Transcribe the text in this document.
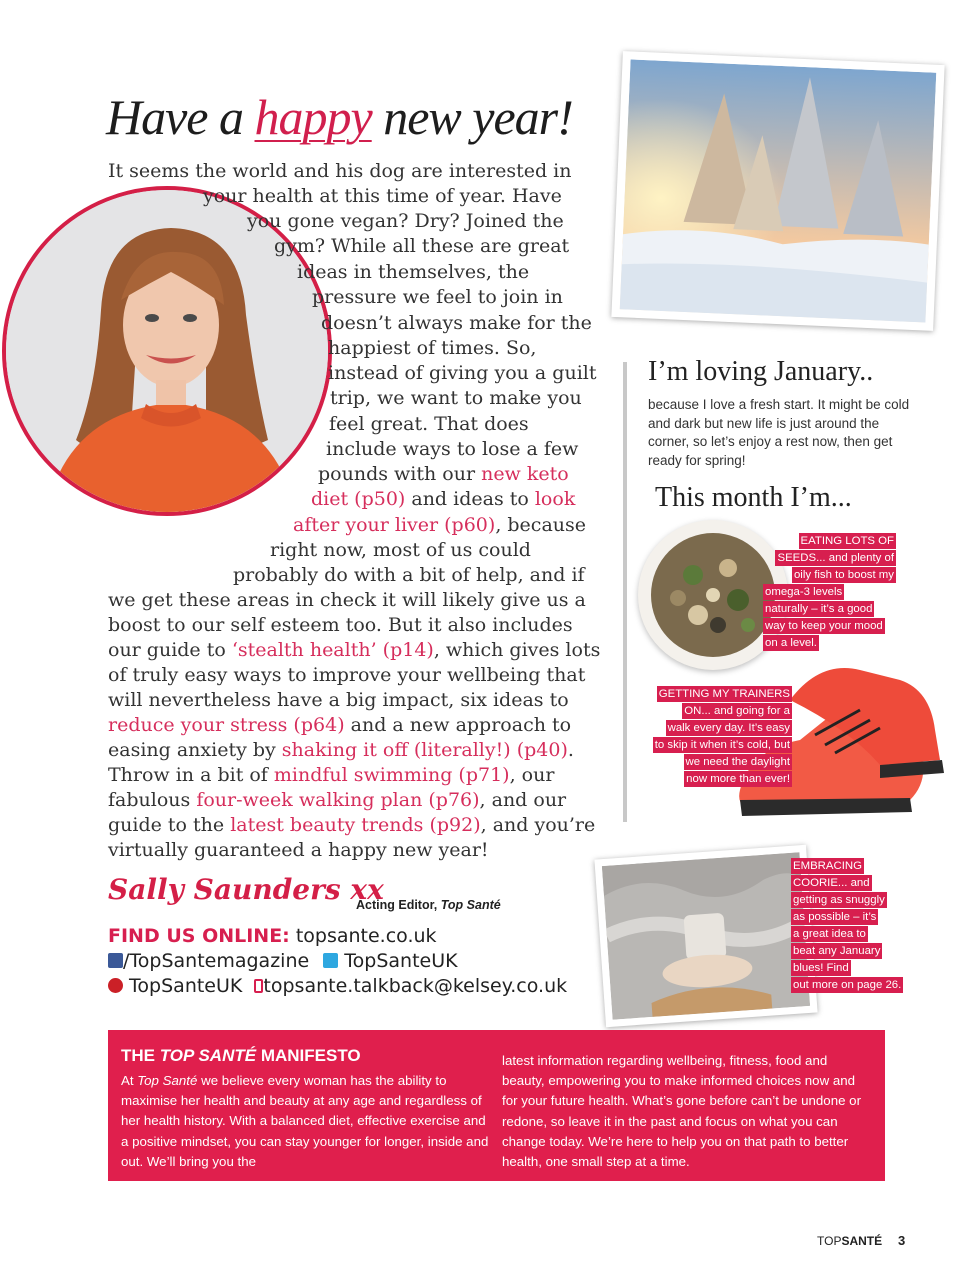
Have a happy new year!
It seems the world and his dog are interested in
your health at this time of year. Have
you gone vegan? Dry? Joined the
gym? While all these are great
ideas in themselves, the
pressure we feel to join in
doesn’t always make for the
happiest of times. So,
instead of giving you a guilt
trip, we want to make you
feel great. That does
include ways to lose a few
pounds with our new keto
diet (p50) and ideas to look
after your liver (p60), because
right now, most of us could
probably do with a bit of help, and if
we get these areas in check it will likely give us a
boost to our self esteem too. But it also includes
our guide to ‘stealth health’ (p14), which gives lots
of truly easy ways to improve your wellbeing that
will nevertheless have a big impact, six ideas to
reduce your stress (p64) and a new approach to
easing anxiety by shaking it off (literally!) (p40).
Throw in a bit of mindful swimming (p71), our
fabulous four-week walking plan (p76), and our
guide to the latest beauty trends (p92), and you’re
virtually guaranteed a happy new year!
Sally Saunders xx
Acting Editor, Top Santé
FIND US ONLINE: topsante.co.uk
/TopSantemagazine TopSanteUK
TopSanteUK topsante.talkback@kelsey.co.uk
I’m loving January..
because I love a fresh start. It might be cold and dark but new life is just around the corner, so let’s enjoy a rest now, then get ready for spring!
This month I’m...
EATING LOTS OF
SEEDS... and plenty of
oily fish to boost my
omega-3 levels
naturally – it’s a good
way to keep your mood
on a level.
GETTING MY TRAINERS
ON... and going for a
walk every day. It’s easy
to skip it when it’s cold, but
we need the daylight
now more than ever!
EMBRACING
COORIE... and
getting as snuggly
as possible – it’s
a great idea to
beat any January
blues! Find
out more on page 26.
THE TOP SANTÉ MANIFESTO
At Top Santé we believe every woman has the ability to maximise her health and beauty at any age and regardless of her health history. With a balanced diet, effective exercise and a positive mindset, you can stay younger for longer, inside and out. We’ll bring you the
latest information regarding wellbeing, fitness, food and beauty, empowering you to make informed choices now and for your future health. What’s gone before can’t be undone or redone, so leave it in the past and focus on what you can change today. We’re here to help you on that path to better health, one small step at a time.
TOPSANTÉ 3
